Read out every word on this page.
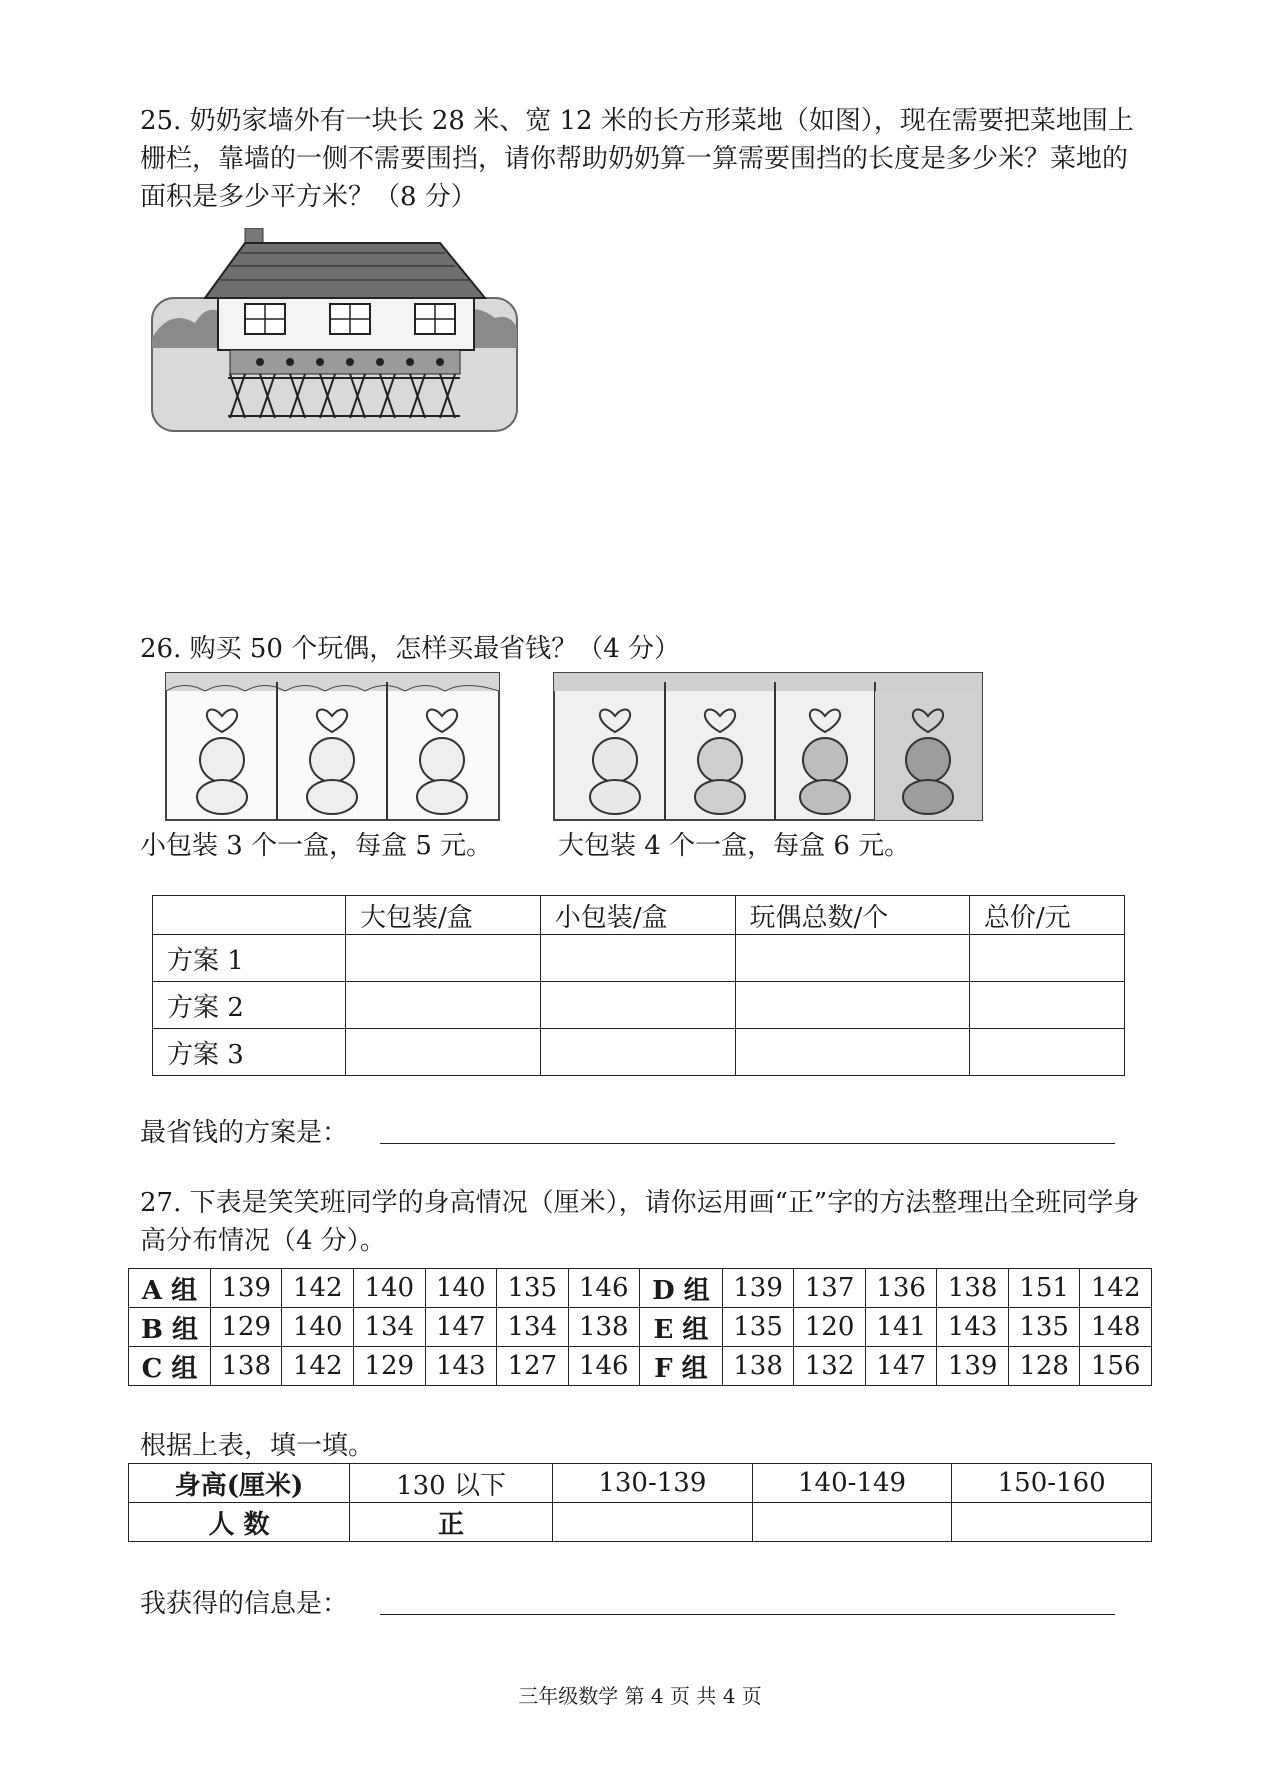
25. 奶奶家墙外有一块长 28 米、宽 12 米的长方形菜地（如图），现在需要把菜地围上栅栏，靠墙的一侧不需要围挡，请你帮助奶奶算一算需要围挡的长度是多少米？菜地的面积是多少平方米？（8 分）
26. 购买 50 个玩偶，怎样买最省钱？（4 分）
小包装 3 个一盒，每盒 5 元。	大包装 4 个一盒，每盒 6 元。
	大包装/盒	小包装/盒	玩偶总数/个	总价/元
方案 1				
方案 2				
方案 3				
最省钱的方案是：
27. 下表是笑笑班同学的身高情况（厘米），请你运用画“正”字的方法整理出全班同学身高分布情况（4 分）。
A 组	139	142	140	140	135	146	D 组	139	137	136	138	151	142
B 组	129	140	134	147	134	138	E 组	135	120	141	143	135	148
C 组	138	142	129	143	127	146	F 组	138	132	147	139	128	156
根据上表，填一填。
身高(厘米)	130 以下	130-139	140-149	150-160
人 数	正			
我获得的信息是：
三年级数学 第 4 页 共 4 页
